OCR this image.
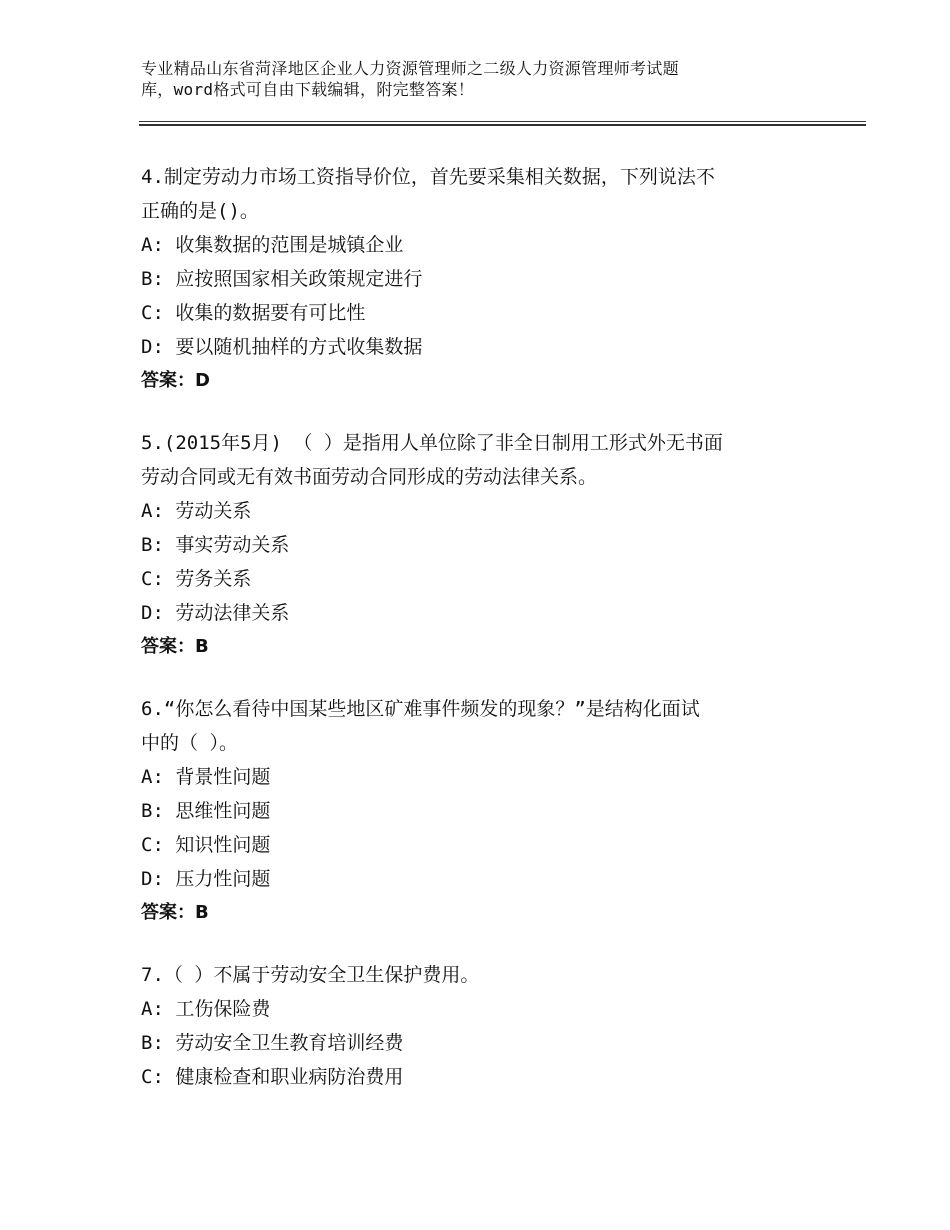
专业精品山东省菏泽地区企业人力资源管理师之二级人力资源管理师考试题
库，word格式可自由下载编辑，附完整答案！
4.制定劳动力市场工资指导价位，首先要采集相关数据，下列说法不
正确的是()。
A: 收集数据的范围是城镇企业
B: 应按照国家相关政策规定进行
C: 收集的数据要有可比性
D: 要以随机抽样的方式收集数据
答案：D
5.(2015年5月) （ ）是指用人单位除了非全日制用工形式外无书面
劳动合同或无有效书面劳动合同形成的劳动法律关系。
A: 劳动关系
B: 事实劳动关系
C: 劳务关系
D: 劳动法律关系
答案：B
6.“你怎么看待中国某些地区矿难事件频发的现象？”是结构化面试
中的（ ）。
A: 背景性问题
B: 思维性问题
C: 知识性问题
D: 压力性问题
答案：B
7.（ ）不属于劳动安全卫生保护费用。
A: 工伤保险费
B: 劳动安全卫生教育培训经费
C: 健康检查和职业病防治费用
